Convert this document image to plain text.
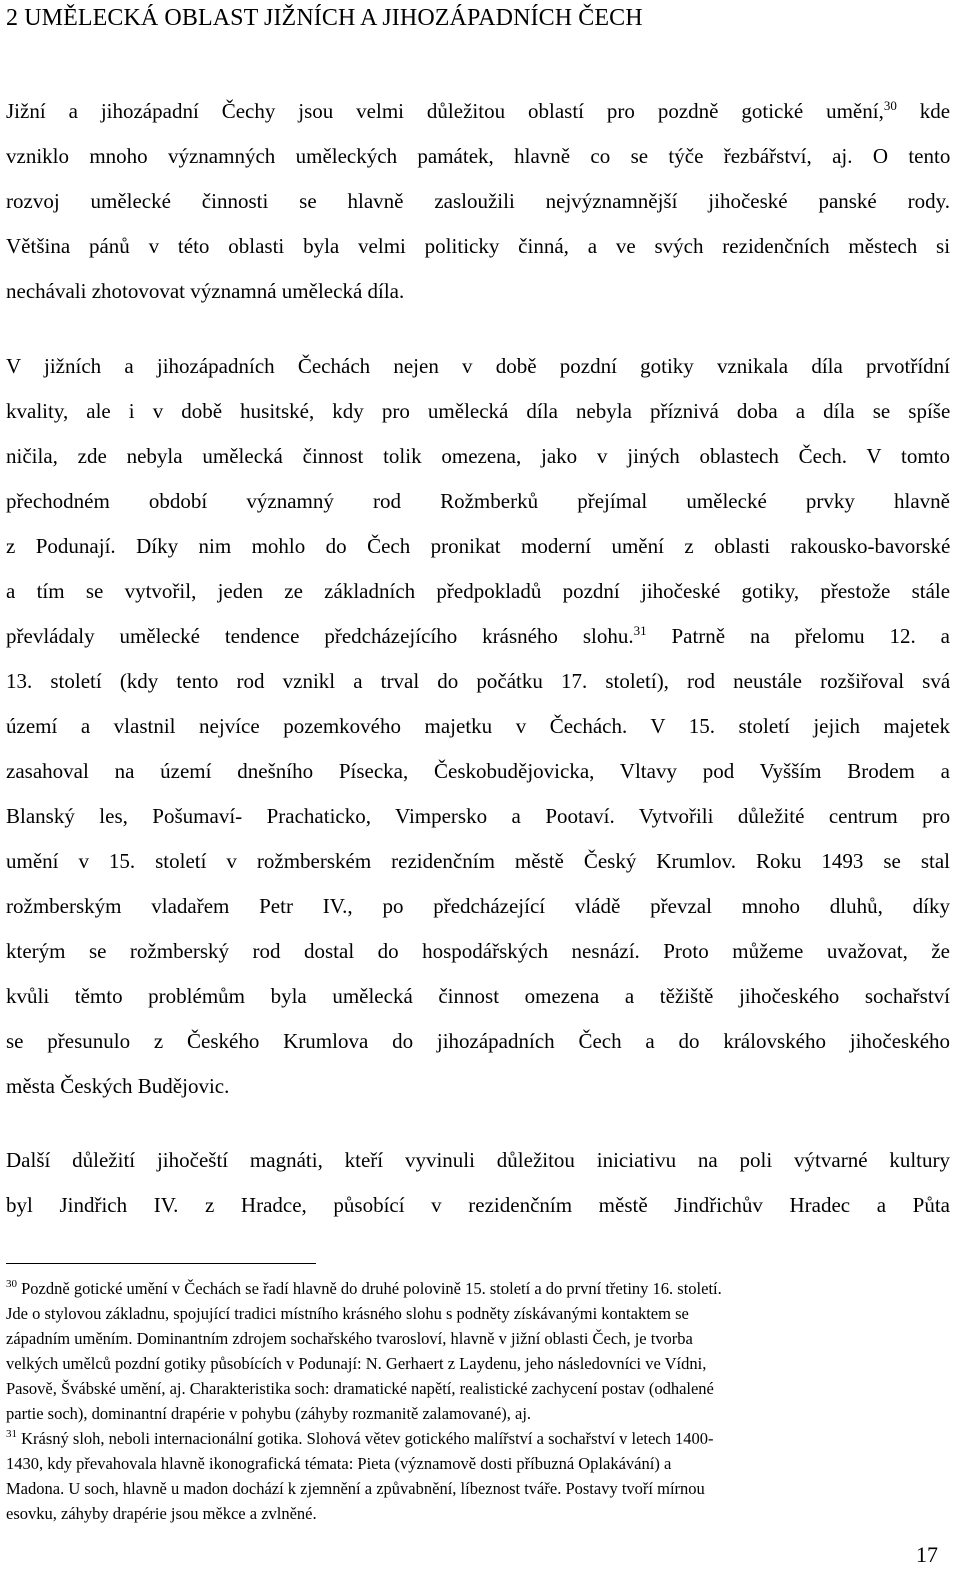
2 UMĚLECKÁ OBLAST JIŽNÍCH A JIHOZÁPADNÍCH ČECH
Jižní a jihozápadní Čechy jsou velmi důležitou oblastí pro pozdně gotické umění,$^{30}$ kde
vzniklo mnoho významných uměleckých památek, hlavně co se týče řezbářství, aj. O tento
rozvoj umělecké činnosti se hlavně zasloužili nejvýznamnější jihočeské panské rody.
Většina pánů v této oblasti byla velmi politicky činná, a ve svých rezidenčních městech si
nechávali zhotovovat významná umělecká díla.
V jižních a jihozápadních Čechách nejen v době pozdní gotiky vznikala díla prvotřídní
kvality, ale i v době husitské, kdy pro umělecká díla nebyla příznivá doba a díla se spíše
ničila, zde nebyla umělecká činnost tolik omezena, jako v jiných oblastech Čech. V tomto
přechodném období významný rod Rožmberků přejímal umělecké prvky hlavně
z Podunají. Díky nim mohlo do Čech pronikat moderní umění z oblasti rakousko-bavorské
a tím se vytvořil, jeden ze základních předpokladů pozdní jihočeské gotiky, přestože stále
převládaly umělecké tendence předcházejícího krásného slohu.$^{31}$ Patrně na přelomu 12. a
13. století (kdy tento rod vznikl a trval do počátku 17. století), rod neustále rozšiřoval svá
území a vlastnil nejvíce pozemkového majetku v Čechách. V 15. století jejich majetek
zasahoval na území dnešního Písecka, Českobudějovicka, Vltavy pod Vyšším Brodem a
Blanský les, Pošumaví- Prachaticko, Vimpersko a Pootaví. Vytvořili důležité centrum pro
umění v 15. století v rožmberském rezidenčním městě Český Krumlov. Roku 1493 se stal
rožmberským vladařem Petr IV., po předcházející vládě převzal mnoho dluhů, díky
kterým se rožmberský rod dostal do hospodářských nesnází. Proto můžeme uvažovat, že
kvůli těmto problémům byla umělecká činnost omezena a těžiště jihočeského sochařství
se přesunulo z Českého Krumlova do jihozápadních Čech a do královského jihočeského
města Českých Budějovic.
Další důležití jihočeští magnáti, kteří vyvinuli důležitou iniciativu na poli výtvarné kultury
byl Jindřich IV. z Hradce, působící v rezidenčním městě Jindřichův Hradec a Půta
$^{30}$ Pozdně gotické umění v Čechách se řadí hlavně do druhé polovině 15. století a do první třetiny 16. století.
Jde o stylovou základnu, spojující tradici místního krásného slohu s podněty získávanými kontaktem se
západním uměním. Dominantním zdrojem sochařského tvarosloví, hlavně v jižní oblasti Čech, je tvorba
velkých umělců pozdní gotiky působících v Podunají: N. Gerhaert z Laydenu, jeho následovníci ve Vídni,
Pasově, Švábské umění, aj. Charakteristika soch: dramatické napětí, realistické zachycení postav (odhalené
partie soch), dominantní drapérie v pohybu (záhyby rozmanitě zalamované), aj.
$^{31}$ Krásný sloh, neboli internacionální gotika. Slohová větev gotického malířství a sochařství v letech 1400-
1430, kdy převahovala hlavně ikonografická témata: Pieta (významově dosti příbuzná Oplakávání) a
Madona. U soch, hlavně u madon dochází k zjemnění a způvabnění, líbeznost tváře. Postavy tvoří mírnou
esovku, záhyby drapérie jsou měkce a zvlněné.
17
